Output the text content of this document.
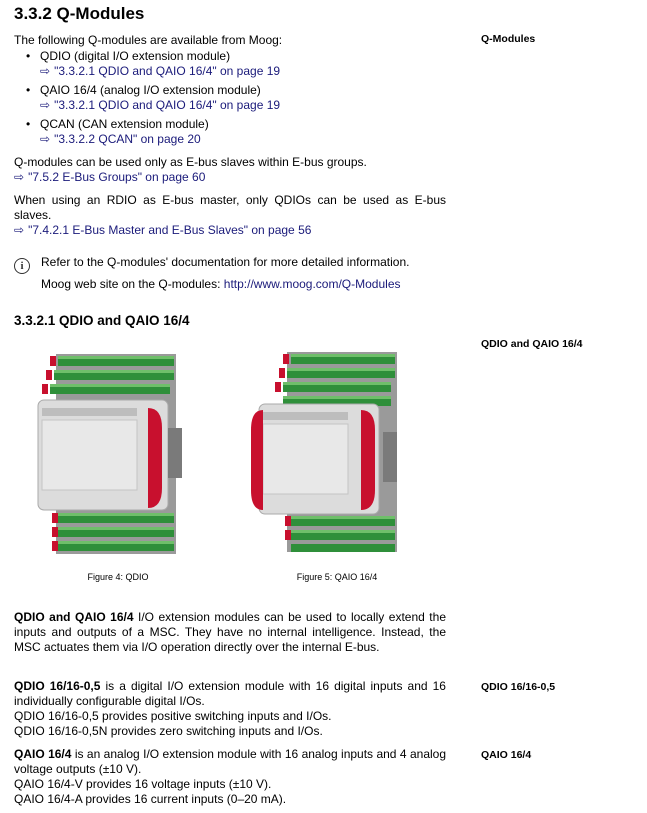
3.3.2 Q-Modules
Q-Modules
The following Q-modules are available from Moog:
• QDIO (digital I/O extension module)
⇨ "3.3.2.1 QDIO and QAIO 16/4" on page 19
• QAIO 16/4 (analog I/O extension module)
⇨ "3.3.2.1 QDIO and QAIO 16/4" on page 19
• QCAN (CAN extension module)
⇨ "3.3.2.2 QCAN" on page 20
Q-modules can be used only as E-bus slaves within E-bus groups.
⇨ "7.5.2 E-Bus Groups" on page 60
When using an RDIO as E-bus master, only QDIOs can be used as E-bus slaves.
⇨ "7.4.2.1 E-Bus Master and E-Bus Slaves" on page 56
i	Refer to the Q-modules' documentation for more detailed information.
Moog web site on the Q-modules: http://www.moog.com/Q-Modules
3.3.2.1 QDIO and QAIO 16/4
QDIO and QAIO 16/4
Figure 4: QDIO	Figure 5: QAIO 16/4
QDIO and QAIO 16/4 I/O extension modules can be used to locally extend the inputs and outputs of a MSC. They have no internal intelligence. Instead, the MSC actuates them via I/O operation directly over the internal E-bus.
QDIO 16/16-0,5 is a digital I/O extension module with 16 digital inputs and 16 individually configurable digital I/Os.
QDIO 16/16-0,5
QDIO 16/16-0,5 provides positive switching inputs and I/Os.
QDIO 16/16-0,5N provides zero switching inputs and I/Os.
QAIO 16/4 is an analog I/O extension module with 16 analog inputs and 4 analog voltage outputs (±10 V).
QAIO 16/4
QAIO 16/4-V provides 16 voltage inputs (±10 V).
QAIO 16/4-A provides 16 current inputs (0–20 mA).
